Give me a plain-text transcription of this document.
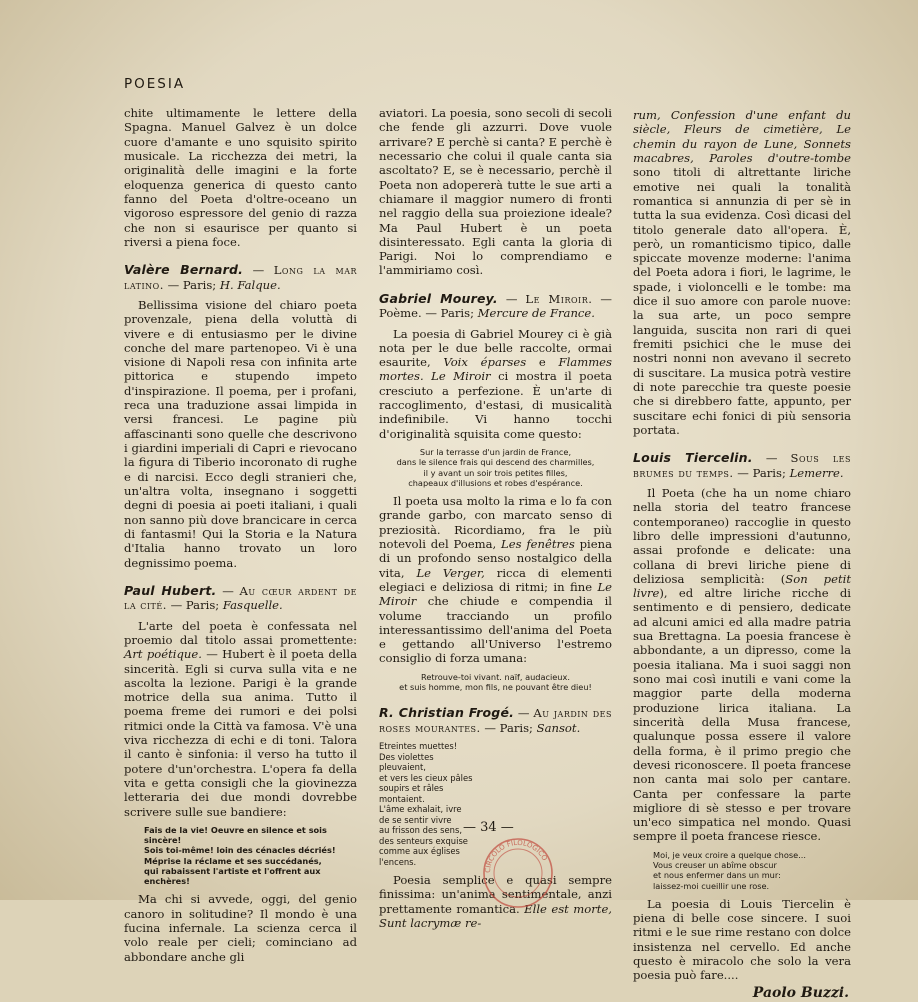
POESIA

chite ultimamente le lettere della Spagna. Manuel Galvez è un dolce cuore d'amante e uno squisito spirito musicale. La ricchezza dei metri, la originalità delle imagini e la forte eloquenza generica di questo canto fanno del Poeta d'oltre-oceano un vigoroso espressore del genio di razza che non si esaurisce per quanto si riversi a piena foce.

Valère Bernard. — Long la mar latino. — Paris; H. Falque.

Bellissima visione del chiaro poeta provenzale, piena della voluttà di vivere e di entusiasmo per le divine conche del mare partenopeo. Vi è una visione di Napoli resa con infinita arte pittorica e stupendo impeto d'inspirazione. Il poema, per i profani, reca una traduzione assai limpida in versi francesi. Le pagine più affascinanti sono quelle che descrivono i giardini imperiali di Capri e rievocano la figura di Tiberio incoronato di rughe e di narcisi. Ecco degli stranieri che, un'altra volta, insegnano i soggetti degni di poesia ai poeti italiani, i quali non sanno più dove brancicare in cerca di fantasmi! Qui la Storia e la Natura d'Italia hanno trovato un loro degnissimo poema.

Paul Hubert. — Au cœur ardent de la cité. — Paris; Fasquelle.

L'arte del poeta è confessata nel proemio dal titolo assai promettente: Art poétique. — Hubert è il poeta della sincerità. Egli si curva sulla vita e ne ascolta la lezione. Parigi è la grande motrice della sua anima. Tutto il poema freme dei rumori e dei polsi ritmici onde la Città va famosa. V'è una viva ricchezza di echi e di toni. Talora il canto è sinfonia: il verso ha tutto il potere d'un'orchestra. L'opera fa della vita e getta consigli che la giovinezza letteraria dei due mondi dovrebbe scrivere sulle sue bandiere:

Fais de la vie! Oeuvre en silence et sois sincère!
Sois toi-même! loin des cénacles décriés!
Méprise la réclame et ses succédanés,
qui rabaissent l'artiste et l'offrent aux enchères!

Ma chi si avvede, oggi, del genio canoro in solitudine? Il mondo è una fucina infernale. La scienza cerca il volo reale per cieli; cominciano ad abbondare anche gli

aviatori. La poesia, sono secoli di secoli che fende gli azzurri. Dove vuole arrivare? E perchè si canta? E perchè è necessario che colui il quale canta sia ascoltato? E, se è necessario, perchè il Poeta non adopererà tutte le sue arti a chiamare il maggior numero di fronti nel raggio della sua proiezione ideale? Ma Paul Hubert è un poeta disinteressato. Egli canta la gloria di Parigi. Noi lo comprendiamo e l'ammiriamo così.

Gabriel Mourey. — Le Miroir. — Poème. — Paris; Mercure de France.

La poesia di Gabriel Mourey ci è già nota per le due belle raccolte, ormai esaurite, Voix éparses e Flammes mortes. Le Miroir ci mostra il poeta cresciuto a perfezione. È un'arte di raccoglimento, d'estasi, di musicalità indefinibile. Vi hanno tocchi d'originalità squisita come questo:

Sur la terrasse d'un jardin de France,
dans le silence frais qui descend des charmilles,
il y avant un soir trois petites filles,
chapeaux d'illusions et robes d'espérance.

Il poeta usa molto la rima e lo fa con grande garbo, con marcato senso di preziosità. Ricordiamo, fra le più notevoli del Poema, Les fenêtres piena di un profondo senso nostalgico della vita, Le Verger, ricca di elementi elegiaci e deliziosa di ritmi; in fine Le Miroir che chiude e compendia il volume tracciando un profilo interessantissimo dell'anima del Poeta e gettando all'Universo l'estremo consiglio di forza umana:

Retrouve-toi vivant. naïf, audacieux.
et suis homme, mon fils, ne pouvant être dieu!

R. Christian Frogé. — Au jardin des roses mourantes. — Paris; Sansot.

Etreintes muettes!
Des violettes
pleuvaient,
et vers les cieux pâles
soupirs et râles
montaient.
L'âme exhalait, ivre
de se sentir vivre
au frisson des sens,
des senteurs exquise
comme aux églises
l'encens.

Poesia semplice e quasi sempre finissima: un'anima sentimentale, anzi prettamente romantica. Elle est morte, Sunt lacrymæ re-

rum, Confession d'une enfant du siècle, Fleurs de cimetière, Le chemin du rayon de Lune, Sonnets macabres, Paroles d'outre-tombe sono titoli di altrettante liriche emotive nei quali la tonalità romantica si annunzia di per sè in tutta la sua evidenza. Così dicasi del titolo generale dato all'opera. È, però, un romanticismo tipico, dalle spiccate movenze moderne: l'anima del Poeta adora i fiori, le lagrime, le spade, i violoncelli e le tombe: ma dice il suo amore con parole nuove: la sua arte, un poco sempre languida, suscita non rari di quei fremiti psichici che le muse dei nostri nonni non avevano il secreto di suscitare. La musica potrà vestire di note parecchie tra queste poesie che si direbbero fatte, appunto, per suscitare echi fonici di più sensoria portata.

Louis Tiercelin. — Sous les brumes du temps. — Paris; Lemerre.

Il Poeta (che ha un nome chiaro nella storia del teatro francese contemporaneo) raccoglie in questo libro delle impressioni d'autunno, assai profonde e delicate: una collana di brevi liriche piene di deliziosa semplicità: (Son petit livre), ed altre liriche ricche di sentimento e di pensiero, dedicate ad alcuni amici ed alla madre patria sua Brettagna. La poesia francese è abbondante, a un dipresso, come la poesia italiana. Ma i suoi saggi non sono mai così inutili e vani come la maggior parte della moderna produzione lirica italiana. La sincerità della Musa francese, qualunque possa essere il valore della forma, è il primo pregio che devesi riconoscere. Il poeta francese non canta mai solo per cantare. Canta per confessare la parte migliore di sè stesso e per trovare un'eco simpatica nel mondo. Quasi sempre il poeta francese riesce.

Moi, je veux croire a quelque chose...
Vous creuser un abîme obscur
et nous enfermer dans un mur:
laissez-moi cueillir une rose.

La poesia di Louis Tiercelin è piena di belle cose sincere. I suoi ritmi e le sue rime restano con dolce insistenza nel cervello. Ed anche questo è miracolo che solo la vera poesia può fare....

Paolo Buzzi.
— 34 —
CIRCOLO FILOLOGICO
